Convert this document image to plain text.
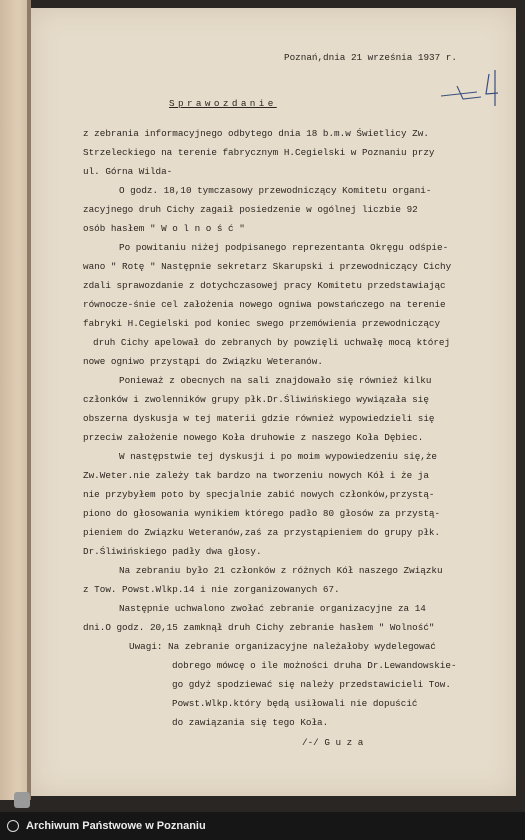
Poznań,dnia 21 września 1937 r.
Sprawozdanie
z zebrania informacyjnego odbytego dnia 18 b.m.w Świetlicy Zw.
Strzeleckiego na terenie fabrycznym H.Cegielski w Poznaniu przy
ul. Górna Wilda-
O godz. 18,10 tymczasowy przewodniczący Komitetu organi-
zacyjnego druh Cichy zagaił posiedzenie w ogólnej liczbie 92
osób hasłem " W o l n o ś ć "
Po powitaniu niżej podpisanego reprezentanta Okręgu odśpie-
wano " Rotę " Następnie sekretarz Skarupski i przewodniczący Cichy
zdali sprawozdanie z dotychczasowej pracy Komitetu przedstawiając
równocze-śnie cel założenia nowego ogniwa powstańczego na terenie
fabryki H.Cegielski pod koniec swego przemówienia przewodniczący
druh Cichy apelował do zebranych by powzięli uchwałę mocą której
nowe ogniwo przystąpi do Związku Weteranów.
Ponieważ z obecnych na sali znajdowało się również kilku
członków i zwolenników grupy płk.Dr.Śliwińskiego wywiązała się
obszerna dyskusja w tej materii gdzie również wypowiedzieli się
przeciw założenie nowego Koła druhowie z naszego Koła Dębiec.
W następstwie tej dyskusji i po moim wypowiedzeniu się,że
Zw.Weter.nie zależy tak bardzo na tworzeniu nowych Kół i że ja
nie przybyłem poto by specjalnie zabić nowych członków,przystą-
piono do głosowania wynikiem którego padło 80 głosów za przystą-
pieniem do Związku Weteranów,zaś za przystąpieniem do grupy płk.
Dr.Śliwińskiego padły dwa głosy.
Na zebraniu było 21 członków z różnych Kół naszego Związku
z Tow. Powst.Wlkp.14 i nie zorganizowanych 67.
Następnie uchwalono zwołać zebranie organizacyjne za 14
dni.O godz. 20,15 zamknął druh Cichy zebranie hasłem " Wolność"
Uwagi: Na zebranie organizacyjne należałoby wydelegować
dobrego mówcę o ile możności druha Dr.Lewandowskie-
go gdyż spodziewać się należy przedstawicieli Tow.
Powst.Wlkp.który będą usiłowali nie dopuścić
do zawiązania się tego Koła.
/-/ G u z a
Archiwum Państwowe w Poznaniu
